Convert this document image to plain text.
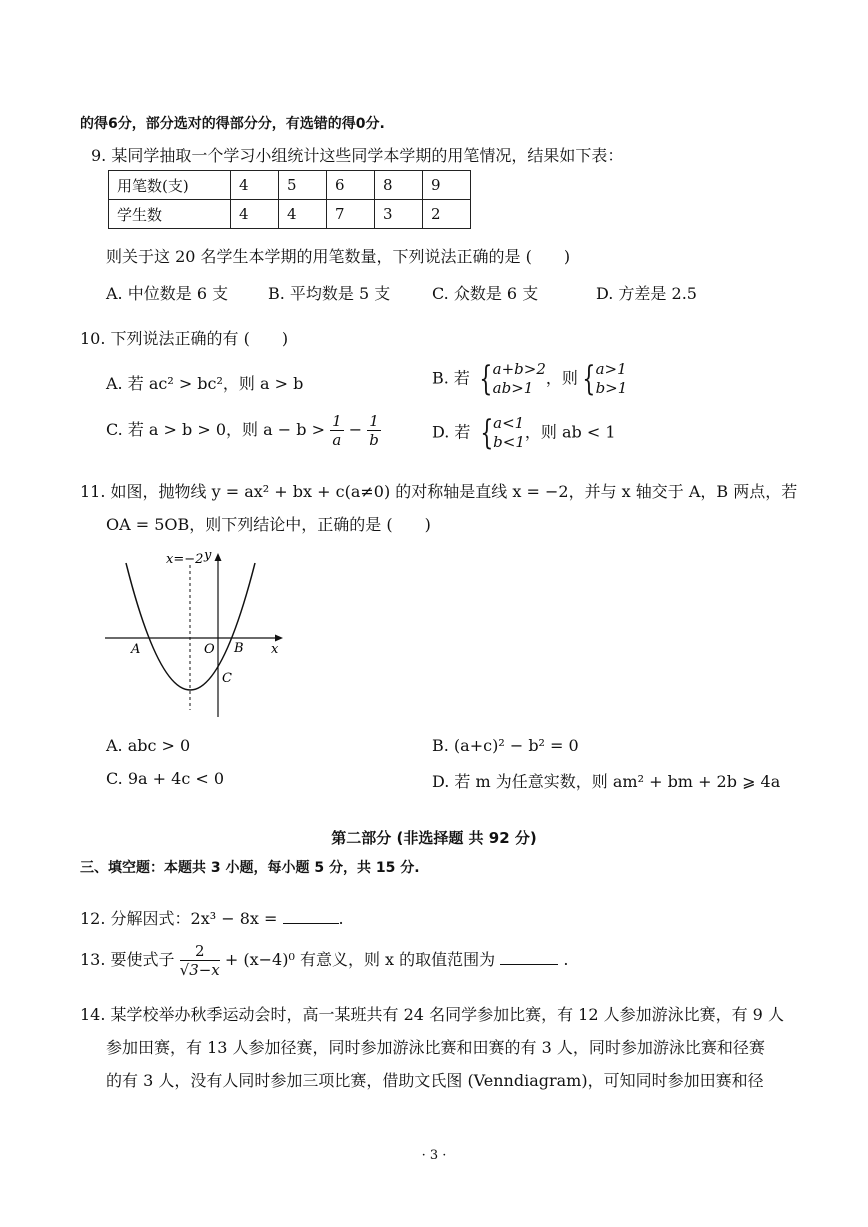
的得6分，部分选对的得部分分，有选错的得0分.
9. 某同学抽取一个学习小组统计这些同学本学期的用笔情况，结果如下表：
用笔数(支)	4	5	6	8	9
学生数	4	4	7	3	2
则关于这 20 名学生本学期的用笔数量，下列说法正确的是 (　　)
A. 中位数是 6 支 B. 平均数是 5 支	C. 众数是 6 支	D. 方差是 2.5
10. 下列说法正确的有 (　　)
A. 若 ac² > bc²，则 a > b	B. 若 {a+b>2
ab>1，则 {a>1
b>1
C. 若 a > b > 0，则 $a - b > \frac{1}{a} - \frac{1}{b}$	D. 若 {a<1
b<1，则 ab < 1
11. 如图，抛物线 y = ax² + bx + c(a≠0) 的对称轴是直线 x = −2，并与 x 轴交于 A，B 两点，若
OA = 5OB，则下列结论中，正确的是 (　　)
x=−2 y
x
O
A	B
C
A. abc > 0	B. (a+c)² − b² = 0
C. 9a + 4c < 0	D. 若 m 为任意实数，则 am² + bm + 2b ⩾ 4a
第二部分 (非选择题 共 92 分)
三、填空题：本题共 3 小题，每小题 5 分，共 15 分.
12. 分解因式：2x³ − 8x =	.
13. 要使式子 $\frac{2}{√3-x} + (x-4)^0$ 有意义，则 x 的取值范围为	.
14. 某学校举办秋季运动会时，高一某班共有 24 名同学参加比赛，有 12 人参加游泳比赛，有 9 人
参加田赛，有 13 人参加径赛，同时参加游泳比赛和田赛的有 3 人，同时参加游泳比赛和径赛
的有 3 人，没有人同时参加三项比赛，借助文氏图 (Venndiagram)，可知同时参加田赛和径
· 3 ·
